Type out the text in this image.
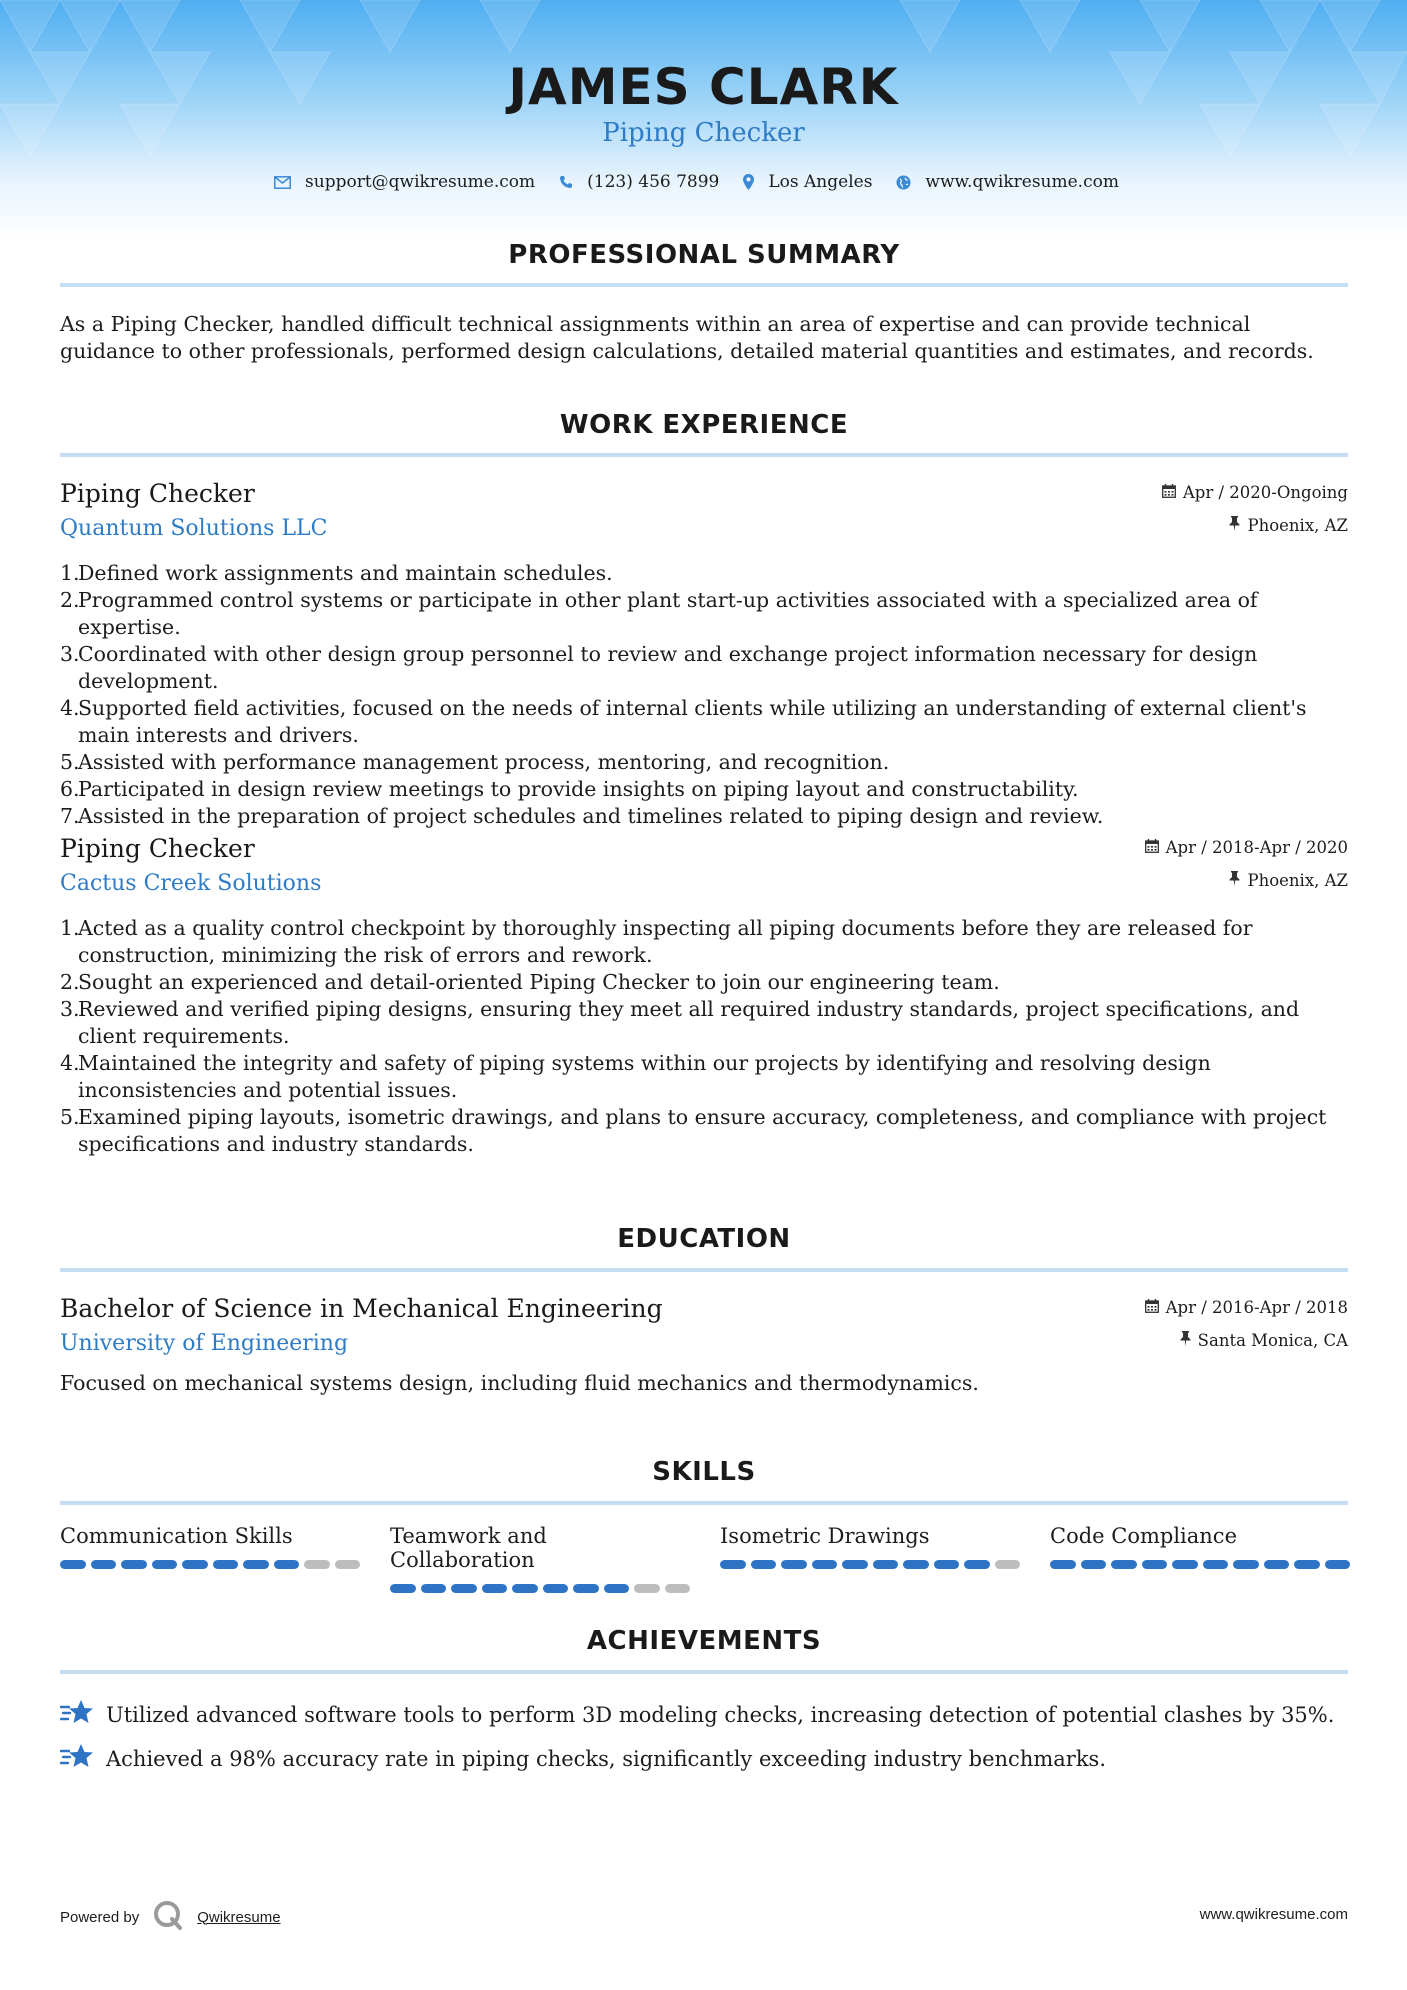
JAMES CLARK
Piping Checker
support@qwikresume.com	(123) 456 7899	Los Angeles	www.qwikresume.com
PROFESSIONAL SUMMARY
As a Piping Checker, handled difficult technical assignments within an area of expertise and can provide technical guidance to other professionals, performed design calculations, detailed material quantities and estimates, and records.
WORK EXPERIENCE
Piping Checker
Quantum Solutions LLC
Apr / 2020-Ongoing
Phoenix, AZ
1.
Defined work assignments and maintain schedules.
2.
Programmed control systems or participate in other plant start-up activities associated with a specialized area of expertise.
3.
Coordinated with other design group personnel to review and exchange project information necessary for design development.
4.
Supported field activities, focused on the needs of internal clients while utilizing an understanding of external client's main interests and drivers.
5.
Assisted with performance management process, mentoring, and recognition.
6.
Participated in design review meetings to provide insights on piping layout and constructability.
7.
Assisted in the preparation of project schedules and timelines related to piping design and review.
Piping Checker
Cactus Creek Solutions
Apr / 2018-Apr / 2020
Phoenix, AZ
1.
Acted as a quality control checkpoint by thoroughly inspecting all piping documents before they are released for construction, minimizing the risk of errors and rework.
2.
Sought an experienced and detail-oriented Piping Checker to join our engineering team.
3.
Reviewed and verified piping designs, ensuring they meet all required industry standards, project specifications, and client requirements.
4.
Maintained the integrity and safety of piping systems within our projects by identifying and resolving design inconsistencies and potential issues.
5.
Examined piping layouts, isometric drawings, and plans to ensure accuracy, completeness, and compliance with project specifications and industry standards.
EDUCATION
Bachelor of Science in Mechanical Engineering
University of Engineering
Apr / 2016-Apr / 2018
Santa Monica, CA
Focused on mechanical systems design, including fluid mechanics and thermodynamics.
SKILLS
Communication Skills	Teamwork and Collaboration
Isometric Drawings	Code Compliance
ACHIEVEMENTS
Utilized advanced software tools to perform 3D modeling checks, increasing detection of potential clashes by 35%.
Achieved a 98% accuracy rate in piping checks, significantly exceeding industry benchmarks.
Powered by	Qwikresume	www.qwikresume.com
